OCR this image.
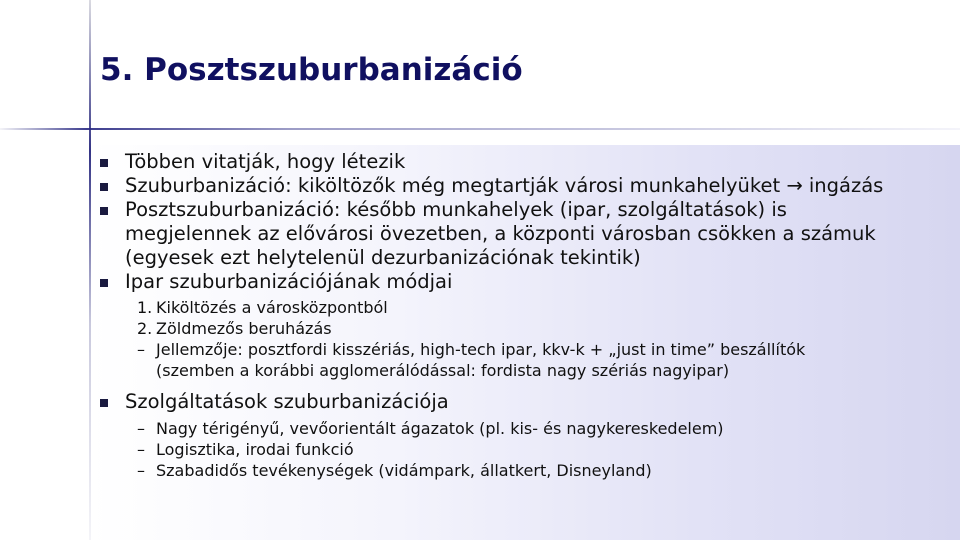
5. Posztszuburbanizáció
Többen vitatják, hogy létezik
Szuburbanizáció: kiköltözők még megtartják városi munkahelyüket → ingázás
Posztszuburbanizáció: később munkahelyek (ipar, szolgáltatások) is
megjelennek az elővárosi övezetben, a központi városban csökken a számuk
(egyesek ezt helytelenül dezurbanizációnak tekintik)
Ipar szuburbanizációjának módjai
1. Kiköltözés a városközpontból
2. Zöldmezős beruházás
– Jellemzője: posztfordi kisszériás, high-tech ipar, kkv-k + „just in time” beszállítók
(szemben a korábbi agglomerálódással: fordista nagy szériás nagyipar)
Szolgáltatások szuburbanizációja
– Nagy térigényű, vevőorientált ágazatok (pl. kis- és nagykereskedelem)
– Logisztika, irodai funkció
– Szabadidős tevékenységek (vidámpark, állatkert, Disneyland)
